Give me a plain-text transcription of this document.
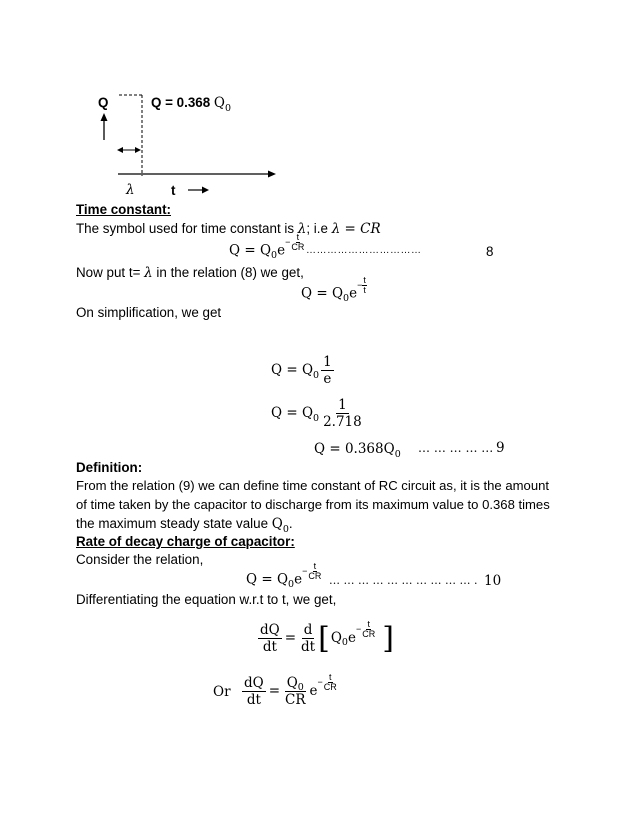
Q	Q = 0.368 $Q_0$
λ	t
Time constant:
The symbol used for time constant is λ; i.e λ = CR
$Q = Q_0e - \frac{t}{CR}$ ……………………………	8
Now put t= λ in the relation (8) we get,
$Q = Q_0e - \frac{t}{t}$
On simplification, we get
$Q = Q_0 \frac{1}{e}$
$Q = Q_0 \frac{1}{2.718}$
$Q = 0.368Q_0$ … … … … … 9
Definition:
From the relation (9) we can define time constant of RC circuit as, it is the amount
of time taken by the capacitor to discharge from its maximum value to 0.368 times
the maximum steady state value $Q_0$.
Rate of decay charge of capacitor:
Consider the relation,
$Q = Q_0e - \frac{t}{CR}$ … … … … … … … … … … . 10
Differentiating the equation w.r.t to t, we get,
$\frac{dQ}{dt} = \frac{d}{dt}$ [ Q 0 e
− $\frac{t}{CR}$ ]
Or $\frac{dQ}{dt} = \frac{Q_0}{CR}$ e
− $\frac{t}{CR}$
